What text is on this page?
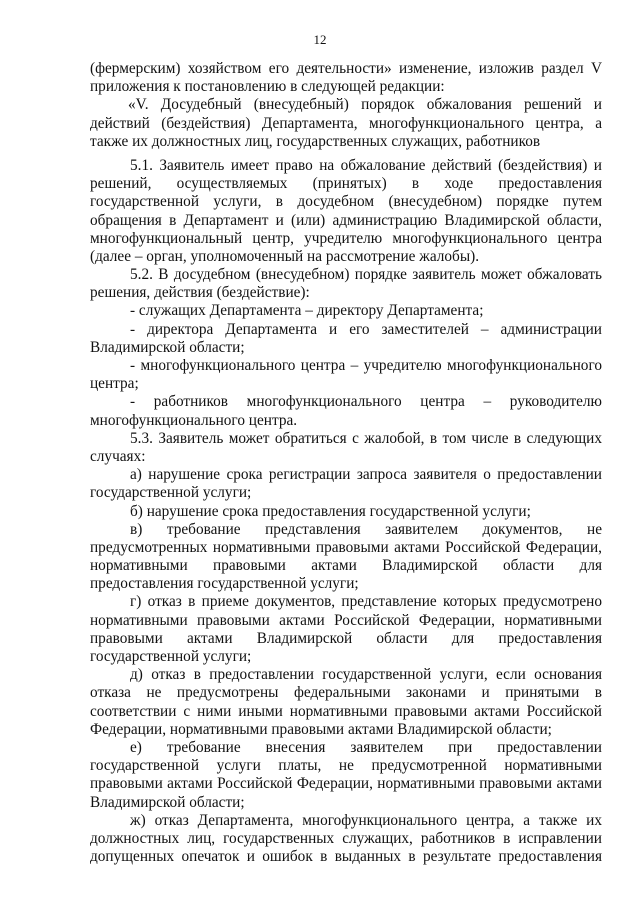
12
(фермерским) хозяйством его деятельности» изменение, изложив раздел V
приложения к постановлению в следующей редакции:
«V. Досудебный (внесудебный) порядок обжалования решений и
действий (бездействия) Департамента, многофункционального центра, а
также их должностных лиц, государственных служащих, работников
5.1. Заявитель имеет право на обжалование действий (бездействия) и
решений, осуществляемых (принятых) в ходе предоставления
государственной услуги, в досудебном (внесудебном) порядке путем
обращения в Департамент и (или) администрацию Владимирской области,
многофункциональный центр, учредителю многофункционального центра
(далее – орган, уполномоченный на рассмотрение жалобы).
5.2. В досудебном (внесудебном) порядке заявитель может обжаловать
решения, действия (бездействие):
- служащих Департамента – директору Департамента;
- директора Департамента и его заместителей – администрации
Владимирской области;
- многофункционального центра – учредителю многофункционального
центра;
- работников многофункционального центра – руководителю
многофункционального центра.
5.3. Заявитель может обратиться с жалобой, в том числе в следующих
случаях:
а) нарушение срока регистрации запроса заявителя о предоставлении
государственной услуги;
б) нарушение срока предоставления государственной услуги;
в) требование представления заявителем документов, не
предусмотренных нормативными правовыми актами Российской Федерации,
нормативными правовыми актами Владимирской области для
предоставления государственной услуги;
г) отказ в приеме документов, представление которых предусмотрено
нормативными правовыми актами Российской Федерации, нормативными
правовыми актами Владимирской области для предоставления
государственной услуги;
д) отказ в предоставлении государственной услуги, если основания
отказа не предусмотрены федеральными законами и принятыми в
соответствии с ними иными нормативными правовыми актами Российской
Федерации, нормативными правовыми актами Владимирской области;
е) требование внесения заявителем при предоставлении
государственной услуги платы, не предусмотренной нормативными
правовыми актами Российской Федерации, нормативными правовыми актами
Владимирской области;
ж) отказ Департамента, многофункционального центра, а также их
должностных лиц, государственных служащих, работников в исправлении
допущенных опечаток и ошибок в выданных в результате предоставления
